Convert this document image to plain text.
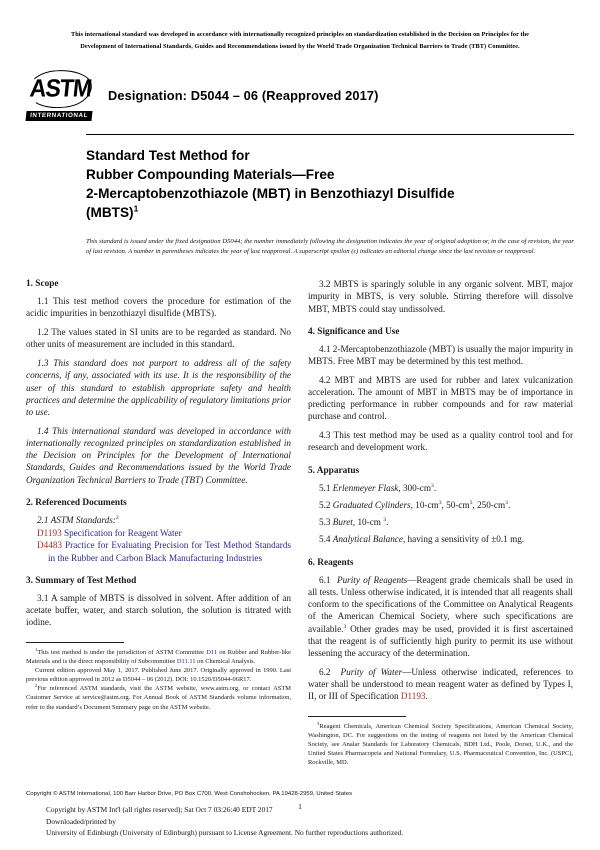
This international standard was developed in accordance with internationally recognized principles on standardization established in the Decision on Principles for the
Development of International Standards, Guides and Recommendations issued by the World Trade Organization Technical Barriers to Trade (TBT) Committee.
ASTM
INTERNATIONAL
Designation: D5044 – 06 (Reapproved 2017)
Standard Test Method for
Rubber Compounding Materials—Free
2-Mercaptobenzothiazole (MBT) in Benzothiazyl Disulfide
(MBTS)$^1$
This standard is issued under the fixed designation D5044; the number immediately following the designation indicates the year of original adoption or, in the case of revision, the year of last revision. A number in parentheses indicates the year of last reapproval. A superscript epsilon (ε) indicates an editorial change since the last revision or reapproval.
1. Scope

1.1 This test method covers the procedure for estimation of the acidic impurities in benzothiazyl disulfide (MBTS).

1.2 The values stated in SI units are to be regarded as standard. No other units of measurement are included in this standard.

1.3 This standard does not purport to address all of the safety concerns, if any, associated with its use. It is the responsibility of the user of this standard to establish appropriate safety and health practices and determine the applicability of regulatory limitations prior to use.

1.4 This international standard was developed in accordance with internationally recognized principles on standardization established in the Decision on Principles for the Development of International Standards, Guides and Recommendations issued by the World Trade Organization Technical Barriers to Trade (TBT) Committee.

2. Referenced Documents

2.1 ASTM Standards:$^2$

D1193 Specification for Reagent Water

D4483 Practice for Evaluating Precision for Test Method Standards in the Rubber and Carbon Black Manufacturing Industries

3. Summary of Test Method

3.1 A sample of MBTS is dissolved in solvent. After addition of an acetate buffer, water, and starch solution, the solution is titrated with iodine.

$^1$This test method is under the jurisdiction of ASTM Committee D11 on Rubber and Rubber-like Materials and is the direct responsibility of Subcommittee D11.11 on Chemical Analysis.

Current edition approved May 1, 2017. Published June 2017. Originally approved in 1990. Last previous edition approved in 2012 as D5044 – 06 (2012). DOI: 10.1520/D5044-06R17.

$^2$For referenced ASTM standards, visit the ASTM website, www.astm.org, or contact ASTM Customer Service at service@astm.org. For Annual Book of ASTM Standards volume information, refer to the standard’s Document Summary page on the ASTM website.

3.2 MBTS is sparingly soluble in any organic solvent. MBT, major impurity in MBTS, is very soluble. Stirring therefore will dissolve MBT, MBTS could stay undissolved.

4. Significance and Use

4.1 2-Mercaptobenzothiazole (MBT) is usually the major impurity in MBTS. Free MBT may be determined by this test method.

4.2 MBT and MBTS are used for rubber and latex vulcanization acceleration. The amount of MBT in MBTS may be of importance in predicting performance in rubber compounds and for raw material purchase and control.

4.3 This test method may be used as a quality control tool and for research and development work.

5. Apparatus

5.1 Erlenmeyer Flask, $300-cm^3$.

5.2 Graduated Cylinders, $10-cm^3$, $50-cm^3$, $250-cm^3$.

5.3 Buret, 10-cm $^3$.

5.4 Analytical Balance, having a sensitivity of ±0.1 mg.

6. Reagents

6.1  Purity of Reagents—Reagent grade chemicals shall be used in all tests. Unless otherwise indicated, it is intended that all reagents shall conform to the specifications of the Committee on Analytical Reagents of the American Chemical Society, where such specifications are available.$^3$ Other grades may be used, provided it is first ascertained that the reagent is of sufficiently high purity to permit its use without lessening the accuracy of the determination.

6.2  Purity of Water—Unless otherwise indicated, references to water shall be understood to mean reagent water as defined by Types I, II, or III of Specification D1193.

$^3$Reagent Chemicals, American Chemical Society Specifications, American Chemical Society, Washington, DC. For suggestions on the testing of reagents not listed by the American Chemical Society, see Analar Standards for Laboratory Chemicals, BDH Ltd., Poole, Dorset, U.K., and the United States Pharmacopeia and National Formulary, U.S. Pharmaceutical Convention, Inc. (USPC), Rockville, MD.

Copyright © ASTM International, 100 Barr Harbor Drive, PO Box C700, West Conshohocken, PA 19428-2959, United States
Copyright by ASTM Int'l (all rights reserved); Sat Oct 7 03:26:40 EDT 2017
Downloaded/printed by
University of Edinburgh (University of Edinburgh) pursuant to License Agreement. No further reproductions authorized.
1
